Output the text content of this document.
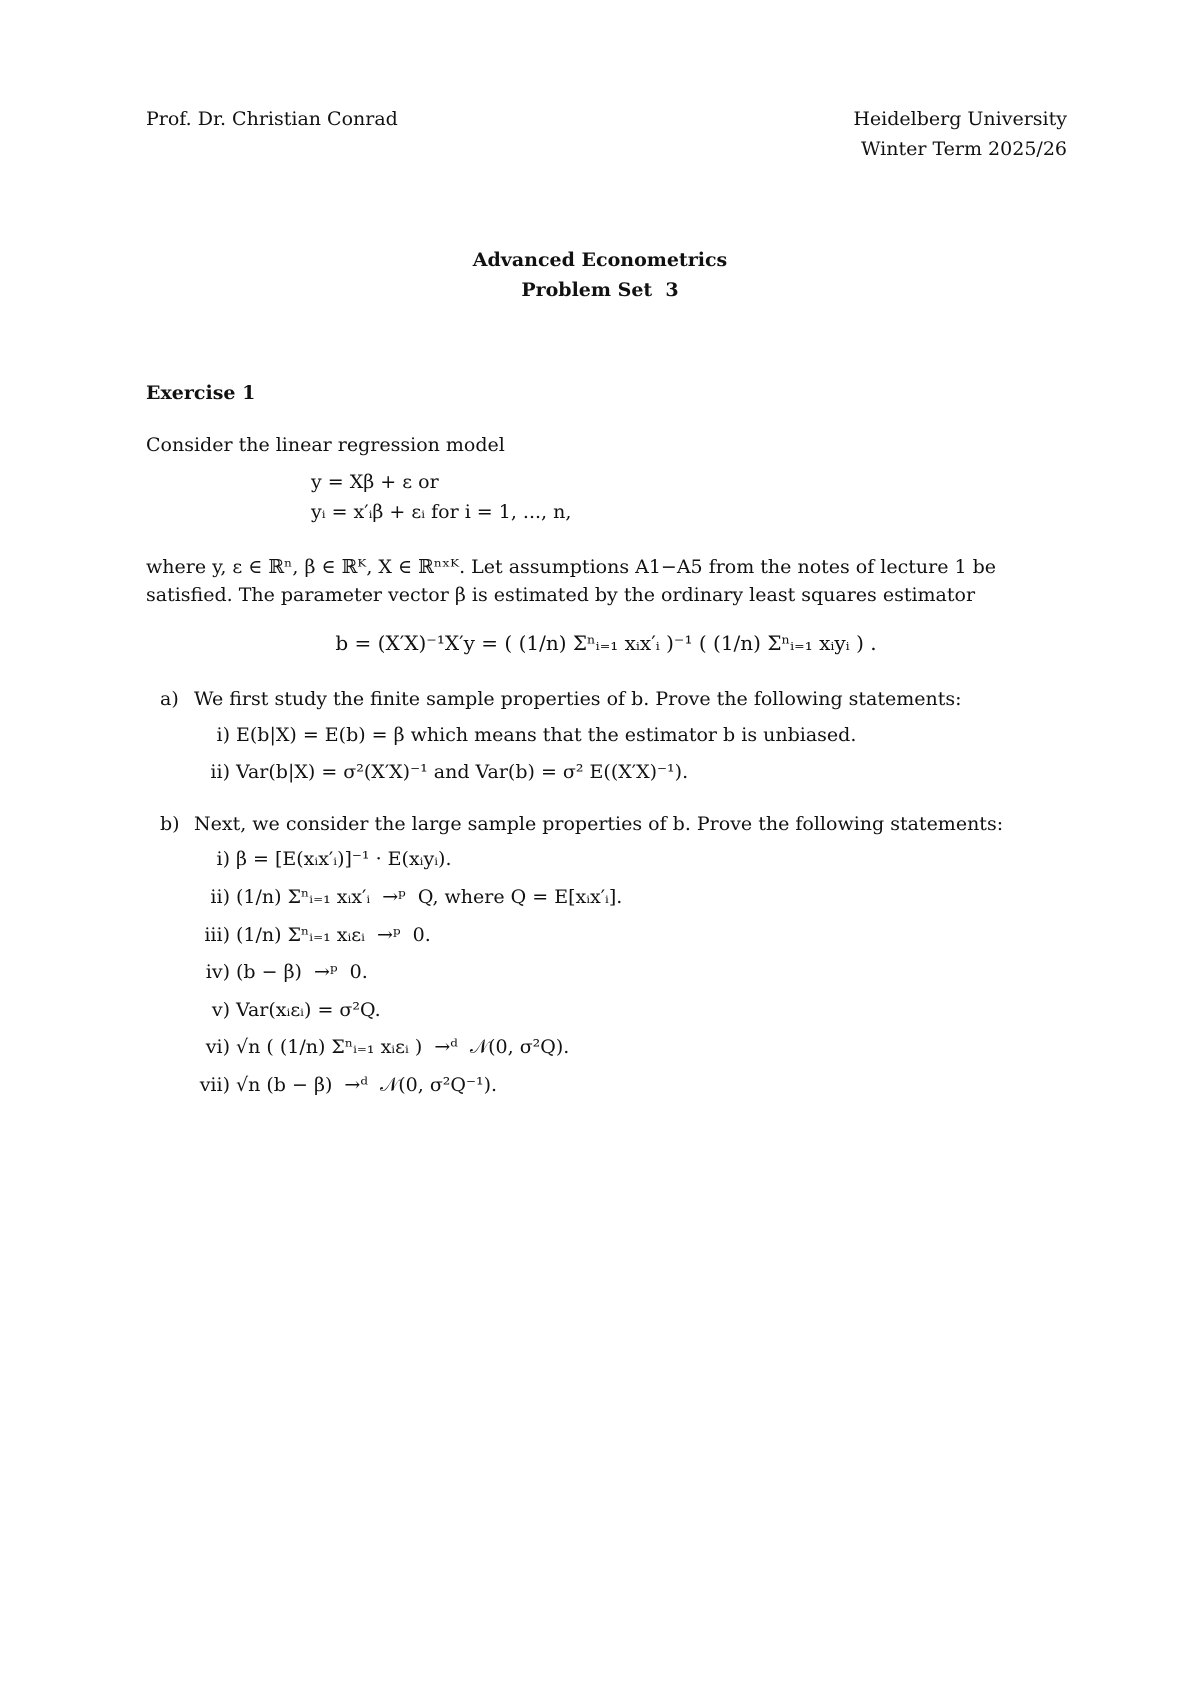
Prof. Dr. Christian Conrad	Heidelberg University
Winter Term 2025/26
Advanced Econometrics
Problem Set  3
Exercise 1
Consider the linear regression model
y = Xβ + ε or
yᵢ = x′ᵢβ + εᵢ for i = 1, ..., n,
where y, ε ∈ ℝⁿ, β ∈ ℝᴷ, X ∈ ℝⁿˣᴷ. Let assumptions A1−A5 from the notes of lecture 1 be satisfied. The parameter vector β is estimated by the ordinary least squares estimator
b = (X′X)⁻¹X′y = ( (1/n) Σⁿᵢ₌₁ xᵢx′ᵢ )⁻¹ ( (1/n) Σⁿᵢ₌₁ xᵢyᵢ ) .
a) We first study the finite sample properties of b. Prove the following statements:
i) E(b|X) = E(b) = β which means that the estimator b is unbiased.
ii) Var(b|X) = σ²(X′X)⁻¹ and Var(b) = σ² E((X′X)⁻¹).
b) Next, we consider the large sample properties of b. Prove the following statements:
i) β = [E(xᵢx′ᵢ)]⁻¹ · E(xᵢyᵢ).
ii) (1/n) Σⁿᵢ₌₁ xᵢx′ᵢ  →ᵖ  Q, where Q = E[xᵢx′ᵢ].
iii) (1/n) Σⁿᵢ₌₁ xᵢεᵢ  →ᵖ  0.
iv) (b − β)  →ᵖ  0.
v) Var(xᵢεᵢ) = σ²Q.
vi) √n ( (1/n) Σⁿᵢ₌₁ xᵢεᵢ )  →ᵈ  𝒩(0, σ²Q).
vii) √n (b − β)  →ᵈ  𝒩(0, σ²Q⁻¹).
